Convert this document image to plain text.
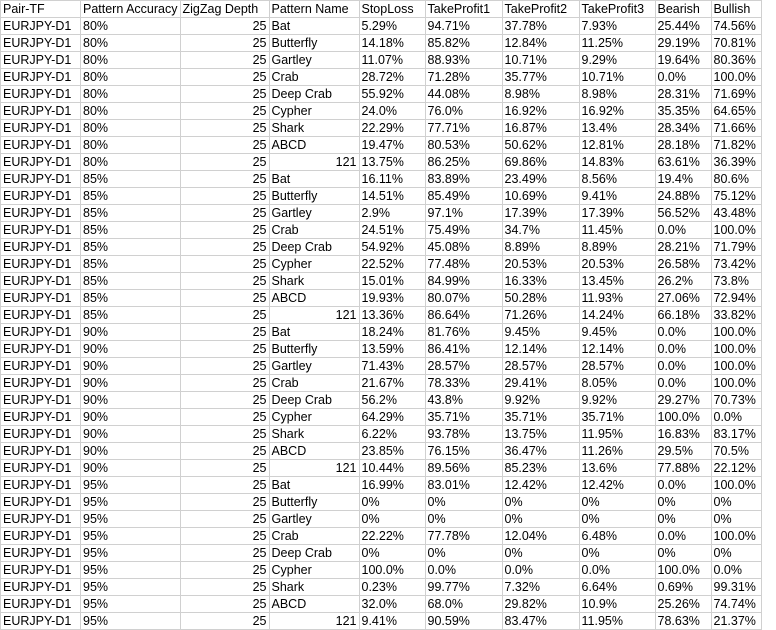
Pair-TF	Pattern Accuracy	ZigZag Depth	Pattern Name	StopLoss	TakeProfit1	TakeProfit2	TakeProfit3	Bearish	Bullish
EURJPY-D1	80%	25	Bat	5.29%	94.71%	37.78%	7.93%	25.44%	74.56%
EURJPY-D1	80%	25	Butterfly	14.18%	85.82%	12.84%	11.25%	29.19%	70.81%
EURJPY-D1	80%	25	Gartley	11.07%	88.93%	10.71%	9.29%	19.64%	80.36%
EURJPY-D1	80%	25	Crab	28.72%	71.28%	35.77%	10.71%	0.0%	100.0%
EURJPY-D1	80%	25	Deep Crab	55.92%	44.08%	8.98%	8.98%	28.31%	71.69%
EURJPY-D1	80%	25	Cypher	24.0%	76.0%	16.92%	16.92%	35.35%	64.65%
EURJPY-D1	80%	25	Shark	22.29%	77.71%	16.87%	13.4%	28.34%	71.66%
EURJPY-D1	80%	25	ABCD	19.47%	80.53%	50.62%	12.81%	28.18%	71.82%
EURJPY-D1	80%	25	121	13.75%	86.25%	69.86%	14.83%	63.61%	36.39%
EURJPY-D1	85%	25	Bat	16.11%	83.89%	23.49%	8.56%	19.4%	80.6%
EURJPY-D1	85%	25	Butterfly	14.51%	85.49%	10.69%	9.41%	24.88%	75.12%
EURJPY-D1	85%	25	Gartley	2.9%	97.1%	17.39%	17.39%	56.52%	43.48%
EURJPY-D1	85%	25	Crab	24.51%	75.49%	34.7%	11.45%	0.0%	100.0%
EURJPY-D1	85%	25	Deep Crab	54.92%	45.08%	8.89%	8.89%	28.21%	71.79%
EURJPY-D1	85%	25	Cypher	22.52%	77.48%	20.53%	20.53%	26.58%	73.42%
EURJPY-D1	85%	25	Shark	15.01%	84.99%	16.33%	13.45%	26.2%	73.8%
EURJPY-D1	85%	25	ABCD	19.93%	80.07%	50.28%	11.93%	27.06%	72.94%
EURJPY-D1	85%	25	121	13.36%	86.64%	71.26%	14.24%	66.18%	33.82%
EURJPY-D1	90%	25	Bat	18.24%	81.76%	9.45%	9.45%	0.0%	100.0%
EURJPY-D1	90%	25	Butterfly	13.59%	86.41%	12.14%	12.14%	0.0%	100.0%
EURJPY-D1	90%	25	Gartley	71.43%	28.57%	28.57%	28.57%	0.0%	100.0%
EURJPY-D1	90%	25	Crab	21.67%	78.33%	29.41%	8.05%	0.0%	100.0%
EURJPY-D1	90%	25	Deep Crab	56.2%	43.8%	9.92%	9.92%	29.27%	70.73%
EURJPY-D1	90%	25	Cypher	64.29%	35.71%	35.71%	35.71%	100.0%	0.0%
EURJPY-D1	90%	25	Shark	6.22%	93.78%	13.75%	11.95%	16.83%	83.17%
EURJPY-D1	90%	25	ABCD	23.85%	76.15%	36.47%	11.26%	29.5%	70.5%
EURJPY-D1	90%	25	121	10.44%	89.56%	85.23%	13.6%	77.88%	22.12%
EURJPY-D1	95%	25	Bat	16.99%	83.01%	12.42%	12.42%	0.0%	100.0%
EURJPY-D1	95%	25	Butterfly	0%	0%	0%	0%	0%	0%
EURJPY-D1	95%	25	Gartley	0%	0%	0%	0%	0%	0%
EURJPY-D1	95%	25	Crab	22.22%	77.78%	12.04%	6.48%	0.0%	100.0%
EURJPY-D1	95%	25	Deep Crab	0%	0%	0%	0%	0%	0%
EURJPY-D1	95%	25	Cypher	100.0%	0.0%	0.0%	0.0%	100.0%	0.0%
EURJPY-D1	95%	25	Shark	0.23%	99.77%	7.32%	6.64%	0.69%	99.31%
EURJPY-D1	95%	25	ABCD	32.0%	68.0%	29.82%	10.9%	25.26%	74.74%
EURJPY-D1	95%	25	121	9.41%	90.59%	83.47%	11.95%	78.63%	21.37%
